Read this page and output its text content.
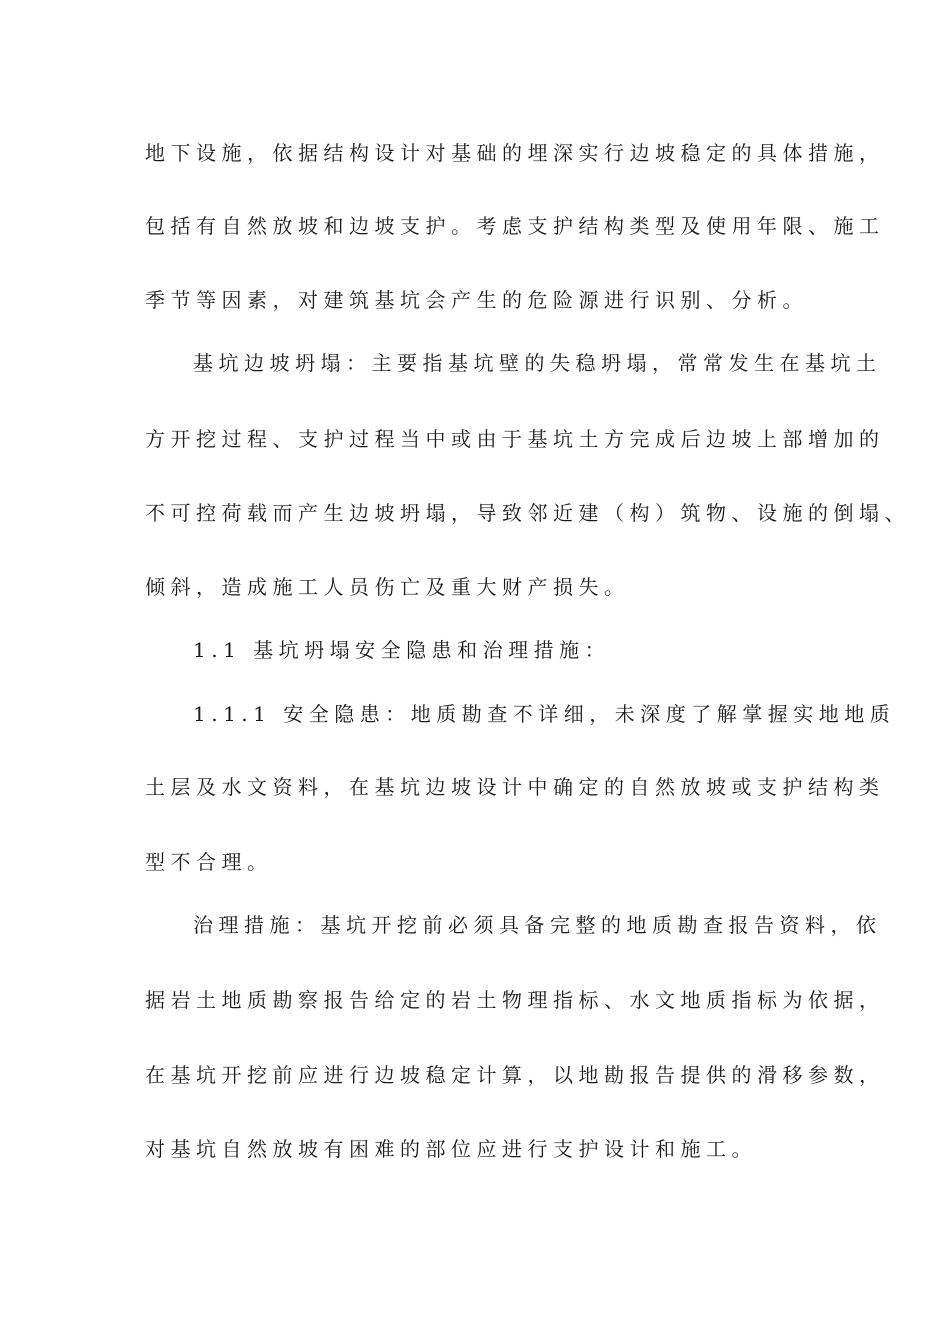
地下设施，依据结构设计对基础的埋深实行边坡稳定的具体措施，
包括有自然放坡和边坡支护。考虑支护结构类型及使用年限、施工
季节等因素，对建筑基坑会产生的危险源进行识别、分析。
基坑边坡坍塌：主要指基坑壁的失稳坍塌，常常发生在基坑土
方开挖过程、支护过程当中或由于基坑土方完成后边坡上部增加的
不可控荷载而产生边坡坍塌，导致邻近建（构）筑物、设施的倒塌、
倾斜，造成施工人员伤亡及重大财产损失。
1.1 基坑坍塌安全隐患和治理措施：
1.1.1 安全隐患：地质勘查不详细，未深度了解掌握实地地质
土层及水文资料，在基坑边坡设计中确定的自然放坡或支护结构类
型不合理。
治理措施：基坑开挖前必须具备完整的地质勘查报告资料，依
据岩土地质勘察报告给定的岩土物理指标、水文地质指标为依据，
在基坑开挖前应进行边坡稳定计算，以地勘报告提供的滑移参数，
对基坑自然放坡有困难的部位应进行支护设计和施工。
